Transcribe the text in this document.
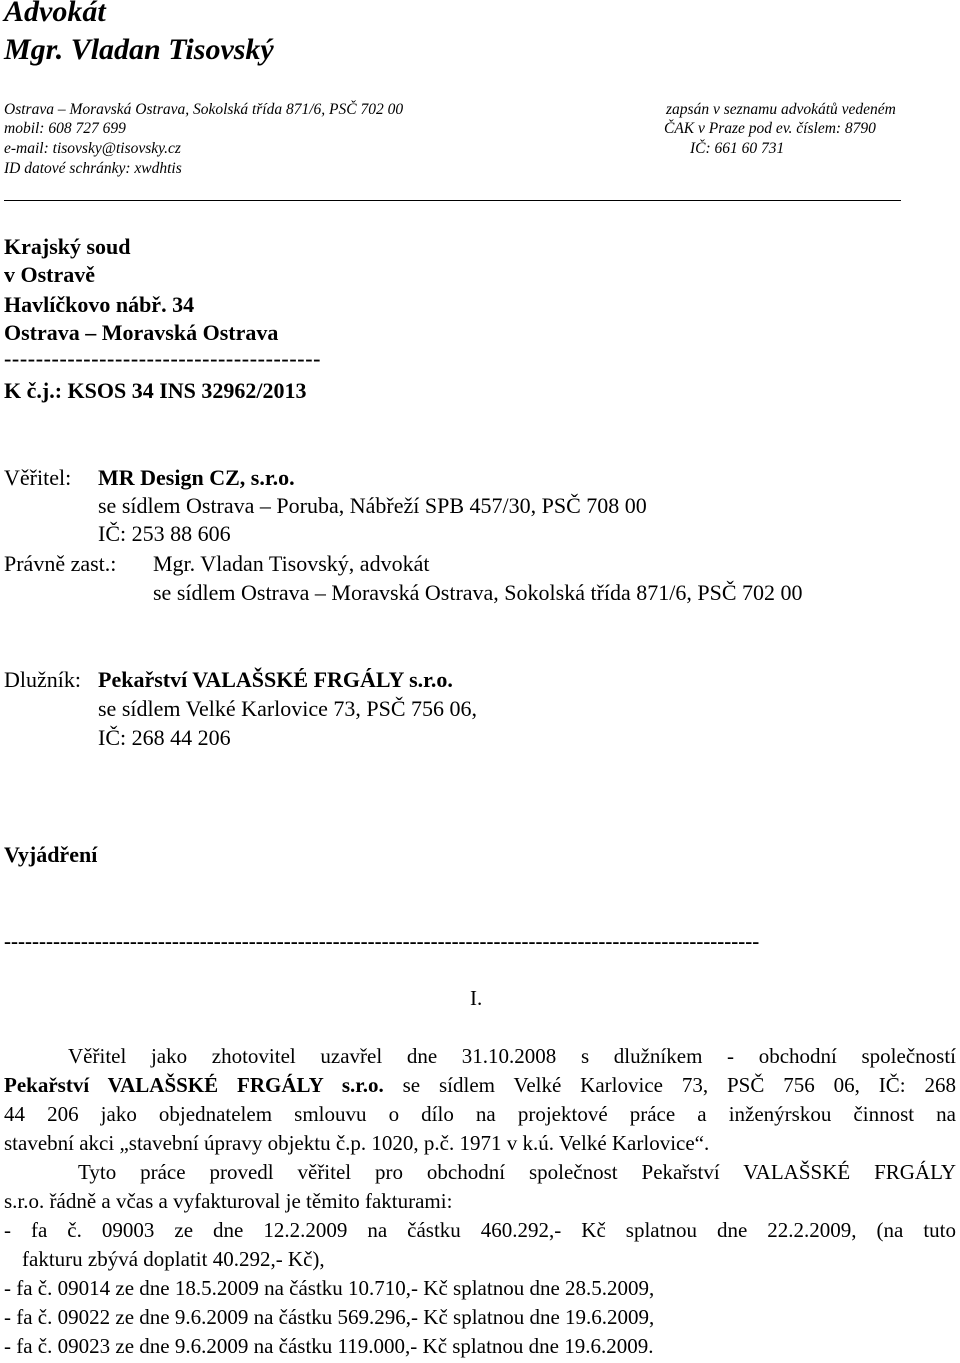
Advokát
Mgr. Vladan Tisovský
Ostrava – Moravská Ostrava, Sokolská třída 871/6, PSČ 702 00
mobil: 608 727 699
e-mail: tisovsky@tisovsky.cz
ID datové schránky: xwdhtis
zapsán v seznamu advokátů vedeném
ČAK v Praze pod ev. číslem: 8790
IČ: 661 60 731
Krajský soud
v Ostravě
Havlíčkovo nábř. 34
Ostrava – Moravská Ostrava
----------------------------------------
K č.j.: KSOS 34 INS 32962/2013
Věřitel: MR Design CZ, s.r.o.
se sídlem Ostrava – Poruba, Nábřeží SPB 457/30, PSČ 708 00
IČ: 253 88 606
Právně zast.: Mgr. Vladan Tisovský, advokát
se sídlem Ostrava – Moravská Ostrava, Sokolská třída 871/6, PSČ 702 00
Dlužník: Pekařství VALAŠSKÉ FRGÁLY s.r.o.
se sídlem Velké Karlovice 73, PSČ 756 06,
IČ: 268 44 206
Vyjádření
------------------------------------------------------------------------------------------------------------
I.
Věřitel jako zhotovitel uzavřel dne 31.10.2008 s dlužníkem - obchodní společností
Pekařství VALAŠSKÉ FRGÁLY s.r.o. se sídlem Velké Karlovice 73, PSČ 756 06, IČ: 268
44 206 jako objednatelem smlouvu o dílo na projektové práce a inženýrskou činnost na
stavební akci „stavební úpravy objektu č.p. 1020, p.č. 1971 v k.ú. Velké Karlovice“.
Tyto práce provedl věřitel pro obchodní společnost Pekařství VALAŠSKÉ FRGÁLY
s.r.o. řádně a včas a vyfakturoval je těmito fakturami:
- fa č. 09003 ze dne 12.2.2009 na částku 460.292,- Kč splatnou dne 22.2.2009, (na tuto
fakturu zbývá doplatit 40.292,- Kč),
- fa č. 09014 ze dne 18.5.2009 na částku 10.710,- Kč splatnou dne 28.5.2009,
- fa č. 09022 ze dne 9.6.2009 na částku 569.296,- Kč splatnou dne 19.6.2009,
- fa č. 09023 ze dne 9.6.2009 na částku 119.000,- Kč splatnou dne 19.6.2009.
